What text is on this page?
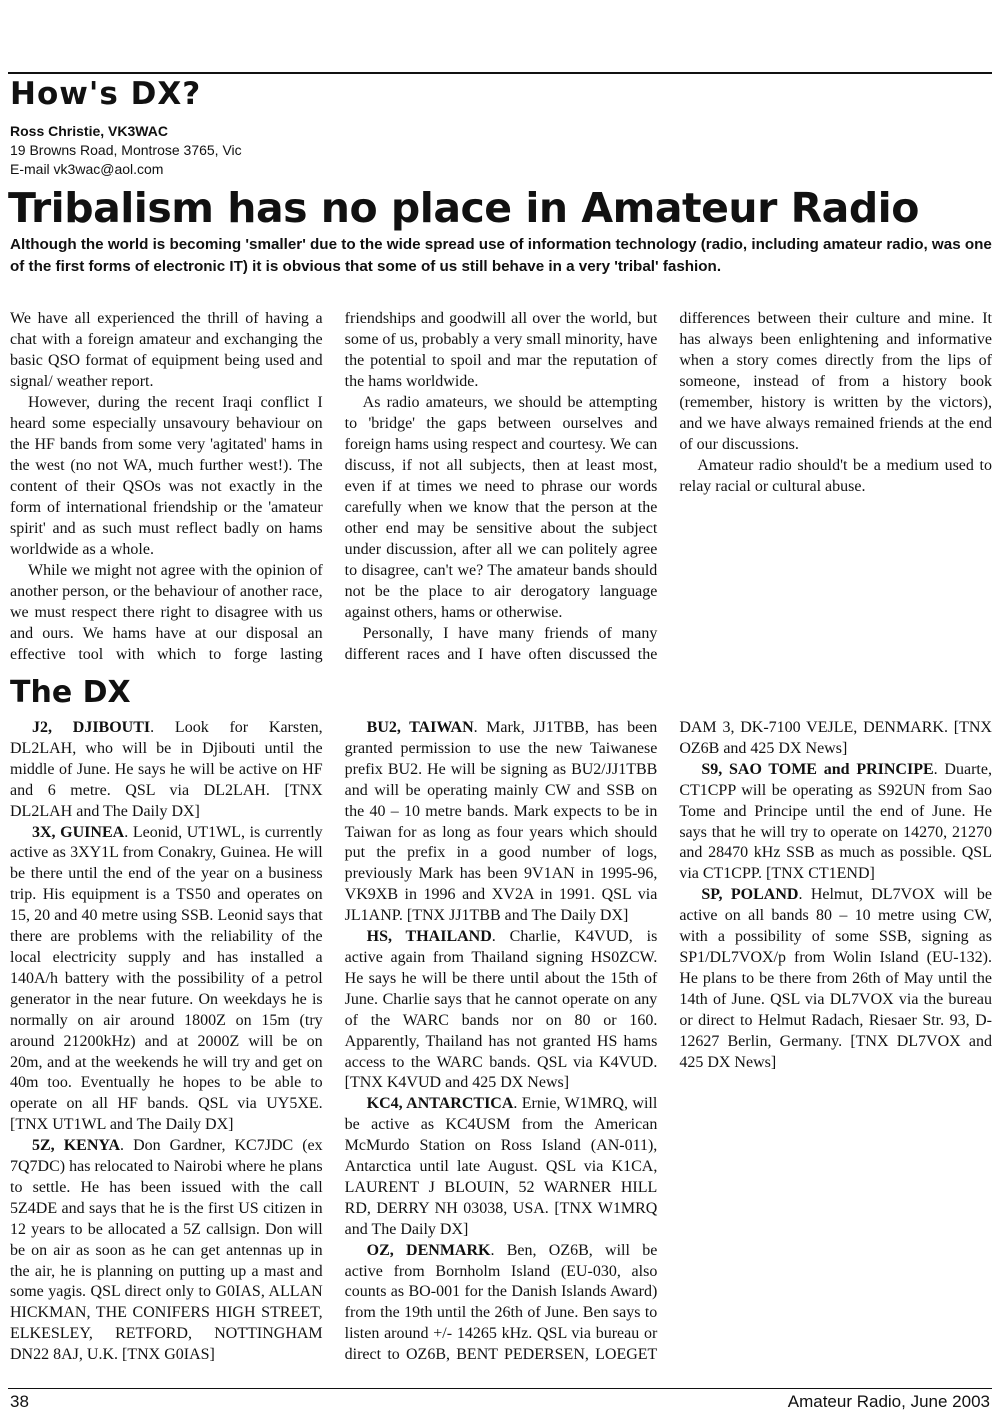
How's DX?
Ross Christie, VK3WAC
19 Browns Road, Montrose 3765, Vic
E-mail vk3wac@aol.com
Tribalism has no place in Amateur Radio

Although the world is becoming 'smaller' due to the wide spread use of information technology (radio, including amateur radio, was one of the first forms of electronic IT) it is obvious that some of us still behave in a very 'tribal' fashion.

We have all experienced the thrill of having a chat with a foreign amateur and exchanging the basic QSO format of equipment being used and signal/ weather report.

However, during the recent Iraqi conflict I heard some especially unsavoury behaviour on the HF bands from some very 'agitated' hams in the west (no not WA, much further west!). The content of their QSOs was not exactly in the form of international friendship or the 'amateur spirit' and as such must reflect badly on hams worldwide as a whole.

While we might not agree with the opinion of another person, or the behaviour of another race, we must respect there right to disagree with us and ours. We hams have at our disposal an effective tool with which to forge lasting friendships and goodwill all over the world, but some of us, probably a very small minority, have the potential to spoil and mar the reputation of the hams worldwide.

As radio amateurs, we should be attempting to 'bridge' the gaps between ourselves and foreign hams using respect and courtesy. We can discuss, if not all subjects, then at least most, even if at times we need to phrase our words carefully when we know that the person at the other end may be sensitive about the subject under discussion, after all we can politely agree to disagree, can't we? The amateur bands should not be the place to air derogatory language against others, hams or otherwise.

Personally, I have many friends of many different races and I have often discussed the differences between their culture and mine. It has always been enlightening and informative when a story comes directly from the lips of someone, instead of from a history book (remember, history is written by the victors), and we have always remained friends at the end of our discussions.

Amateur radio should't be a medium used to relay racial or cultural abuse.

The DX

J2, DJIBOUTI. Look for Karsten, DL2LAH, who will be in Djibouti until the middle of June. He says he will be active on HF and 6 metre. QSL via DL2LAH. [TNX DL2LAH and The Daily DX]

3X, GUINEA. Leonid, UT1WL, is currently active as 3XY1L from Conakry, Guinea. He will be there until the end of the year on a business trip. His equipment is a TS50 and operates on 15, 20 and 40 metre using SSB. Leonid says that there are problems with the reliability of the local electricity supply and has installed a 140A/h battery with the possibility of a petrol generator in the near future. On weekdays he is normally on air around 1800Z on 15m (try around 21200kHz) and at 2000Z will be on 20m, and at the weekends he will try and get on 40m too. Eventually he hopes to be able to operate on all HF bands. QSL via UY5XE. [TNX UT1WL and The Daily DX]

5Z, KENYA. Don Gardner, KC7JDC (ex 7Q7DC) has relocated to Nairobi where he plans to settle. He has been issued with the call 5Z4DE and says that he is the first US citizen in 12 years to be allocated a 5Z callsign. Don will be on air as soon as he can get antennas up in the air, he is planning on putting up a mast and some yagis. QSL direct only to G0IAS, ALLAN HICKMAN, THE CONIFERS HIGH STREET, ELKESLEY, RETFORD, NOTTINGHAM DN22 8AJ, U.K. [TNX G0IAS]

BU2, TAIWAN. Mark, JJ1TBB, has been granted permission to use the new Taiwanese prefix BU2. He will be signing as BU2/JJ1TBB and will be operating mainly CW and SSB on the 40 – 10 metre bands. Mark expects to be in Taiwan for as long as four years which should put the prefix in a good number of logs, previously Mark has been 9V1AN in 1995-96, VK9XB in 1996 and XV2A in 1991. QSL via JL1ANP. [TNX JJ1TBB and The Daily DX]

HS, THAILAND. Charlie, K4VUD, is active again from Thailand signing HS0ZCW. He says he will be there until about the 15th of June. Charlie says that he cannot operate on any of the WARC bands nor on 80 or 160. Apparently, Thailand has not granted HS hams access to the WARC bands. QSL via K4VUD. [TNX K4VUD and 425 DX News]

KC4, ANTARCTICA. Ernie, W1MRQ, will be active as KC4USM from the American McMurdo Station on Ross Island (AN-011), Antarctica until late August. QSL via K1CA, LAURENT J BLOUIN, 52 WARNER HILL RD, DERRY NH 03038, USA. [TNX W1MRQ and The Daily DX]

OZ, DENMARK. Ben, OZ6B, will be active from Bornholm Island (EU-030, also counts as BO-001 for the Danish Islands Award) from the 19th until the 26th of June. Ben says to listen around +/- 14265 kHz. QSL via bureau or direct to OZ6B, BENT PEDERSEN, LOEGET DAM 3, DK-7100 VEJLE, DENMARK. [TNX OZ6B and 425 DX News]

S9, SAO TOME and PRINCIPE. Duarte, CT1CPP will be operating as S92UN from Sao Tome and Principe until the end of June. He says that he will try to operate on 14270, 21270 and 28470 kHz SSB as much as possible. QSL via CT1CPP. [TNX CT1END]

SP, POLAND. Helmut, DL7VOX will be active on all bands 80 – 10 metre using CW, with a possibility of some SSB, signing as SP1/DL7VOX/p from Wolin Island (EU-132). He plans to be there from 26th of May until the 14th of June. QSL via DL7VOX via the bureau or direct to Helmut Radach, Riesaer Str. 93, D-12627 Berlin, Germany. [TNX DL7VOX and 425 DX News]

38	Amateur Radio, June 2003
